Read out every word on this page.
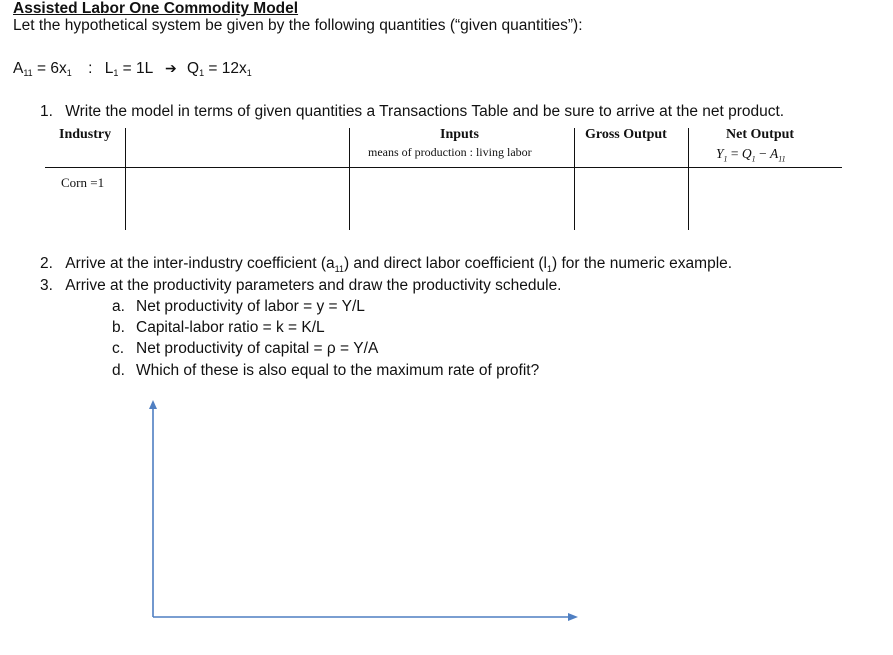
Assisted Labor One Commodity Model
Let the hypothetical system be given by the following quantities (“given quantities”):
$A_{11} = 6x_1$ : $L_1 = 1L$ ➔ $Q_1 = 12x_1$
1. Write the model in terms of given quantities a Transactions Table and be sure to arrive at the net product.
Industry	Inputs
means of production : living labor
Gross Output	Net Output
$Y_1 = Q_1 - A_{11}$
Corn =1
2. Arrive at the inter-industry coefficient $(a_{11})$ and direct labor coefficient $(l_1)$ for the numeric example.
3. Arrive at the productivity parameters and draw the productivity schedule.
a. Net productivity of labor = y = Y/L
b. Capital-labor ratio = k = K/L
c. Net productivity of capital = ρ = Y/A
d. Which of these is also equal to the maximum rate of profit?
